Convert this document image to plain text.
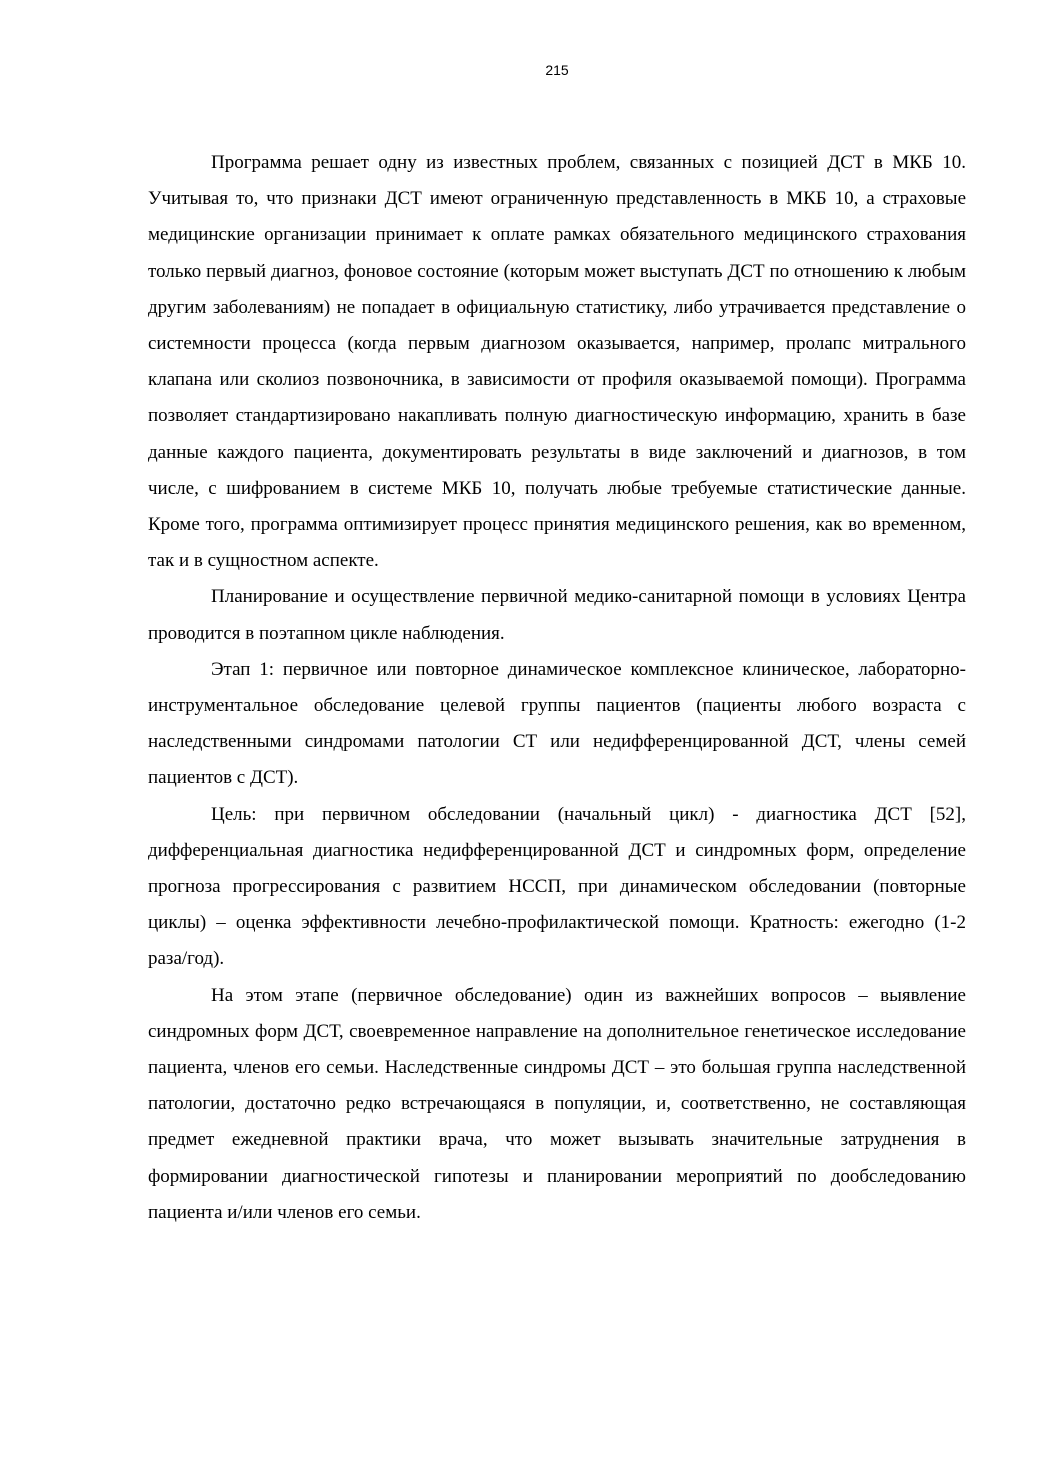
215

Программа решает одну из известных проблем, связанных с позицией ДСТ в МКБ 10. Учитывая то, что признаки ДСТ имеют ограниченную представленность в МКБ 10, а страховые медицинские организации принимает к оплате рамках обязательного медицинского страхования только первый диагноз, фоновое состояние (которым может выступать ДСТ по отношению к любым другим заболеваниям) не попадает в официальную статистику, либо утрачивается представление о системности процесса (когда первым диагнозом оказывается, например, пролапс митрального клапана или сколиоз позвоночника, в зависимости от профиля оказываемой помощи). Программа позволяет стандартизировано накапливать полную диагностическую информацию, хранить в базе данные каждого пациента, документировать результаты в виде заключений и диагнозов, в том числе, с шифрованием в системе МКБ 10, получать любые требуемые статистические данные. Кроме того, программа оптимизирует процесс принятия медицинского решения, как во временном, так и в сущностном аспекте.

Планирование и осуществление первичной медико-санитарной помощи в условиях Центра проводится в поэтапном цикле наблюдения.

Этап 1: первичное или повторное динамическое комплексное клиническое, лабораторно-инструментальное обследование целевой группы пациентов (пациенты любого возраста с наследственными синдромами патологии СТ или недифференцированной ДСТ, члены семей пациентов с ДСТ).

Цель: при первичном обследовании (начальный цикл) - диагностика ДСТ [52], дифференциальная диагностика недифференцированной ДСТ и синдромных форм, определение прогноза прогрессирования с развитием НССП, при динамическом обследовании (повторные циклы) – оценка эффективности лечебно-профилактической помощи. Кратность: ежегодно (1-2 раза/год).

На этом этапе (первичное обследование) один из важнейших вопросов – выявление синдромных форм ДСТ, своевременное направление на дополнительное генетическое исследование пациента, членов его семьи. Наследственные синдромы ДСТ – это большая группа наследственной патологии, достаточно редко встречающаяся в популяции, и, соответственно, не составляющая предмет ежедневной практики врача, что может вызывать значительные затруднения в формировании диагностической гипотезы и планировании мероприятий по дообследованию пациента и/или членов его семьи.
